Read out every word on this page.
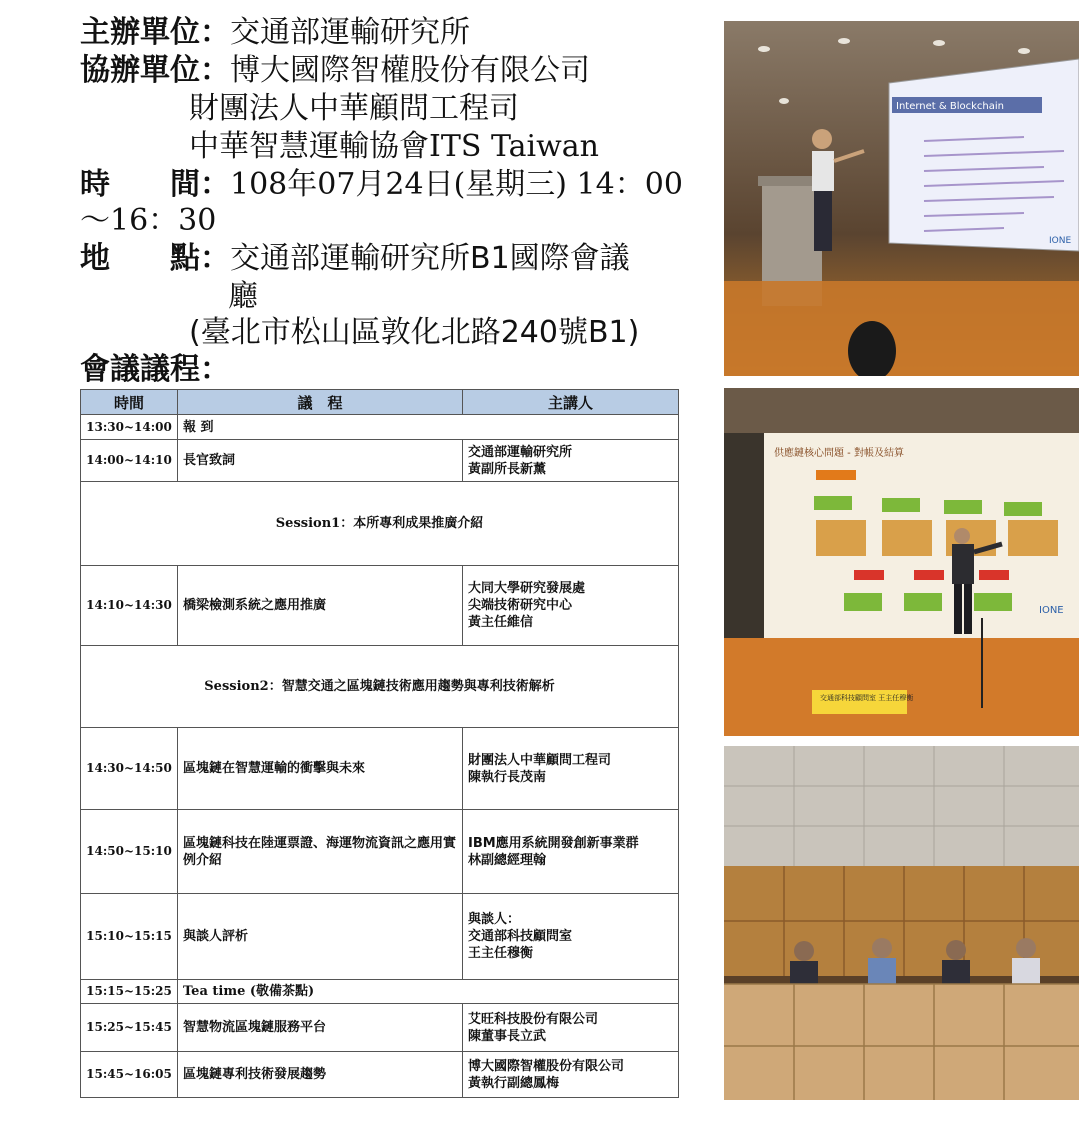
主辦單位：交通部運輸研究所
協辦單位：博大國際智權股份有限公司
財團法人中華顧問工程司
中華智慧運輸協會ITS Taiwan
時　　間：108年07月24日(星期三) 14：00
～16：30
地　　點：交通部運輸研究所B1國際會議
廳
(臺北市松山區敦化北路240號B1)
會議議程：
時間	議　程	主講人
13:30~14:00	報 到	
14:00~14:10	長官致詞	交通部運輸研究所
黃副所長新薰
Session1：本所專利成果推廣介紹		
14:10~14:30	橋梁檢測系統之應用推廣	大同大學研究發展處
尖端技術研究中心
黃主任維信
Session2：智慧交通之區塊鏈技術應用趨勢與專利技術解析		
14:30~14:50	區塊鏈在智慧運輸的衝擊與未來	財團法人中華顧問工程司
陳執行長茂南
14:50~15:10	區塊鏈科技在陸運票證、海運物流資訊之應用實例介紹	IBM應用系統開發創新事業群
林副總經理翰
15:10~15:15	與談人評析	與談人：
交通部科技顧問室
王主任穆衡
15:15~15:25	Tea time (敬備茶點)	
15:25~15:45	智慧物流區塊鏈服務平台	艾旺科技股份有限公司
陳董事長立武
15:45~16:05	區塊鏈專利技術發展趨勢	博大國際智權股份有限公司
黃執行副總鳳梅
Internet & Blockchain
IONE
供應鏈核心問題 - 對帳及結算
IONE
交通部科技顧問室 王主任穆衡
